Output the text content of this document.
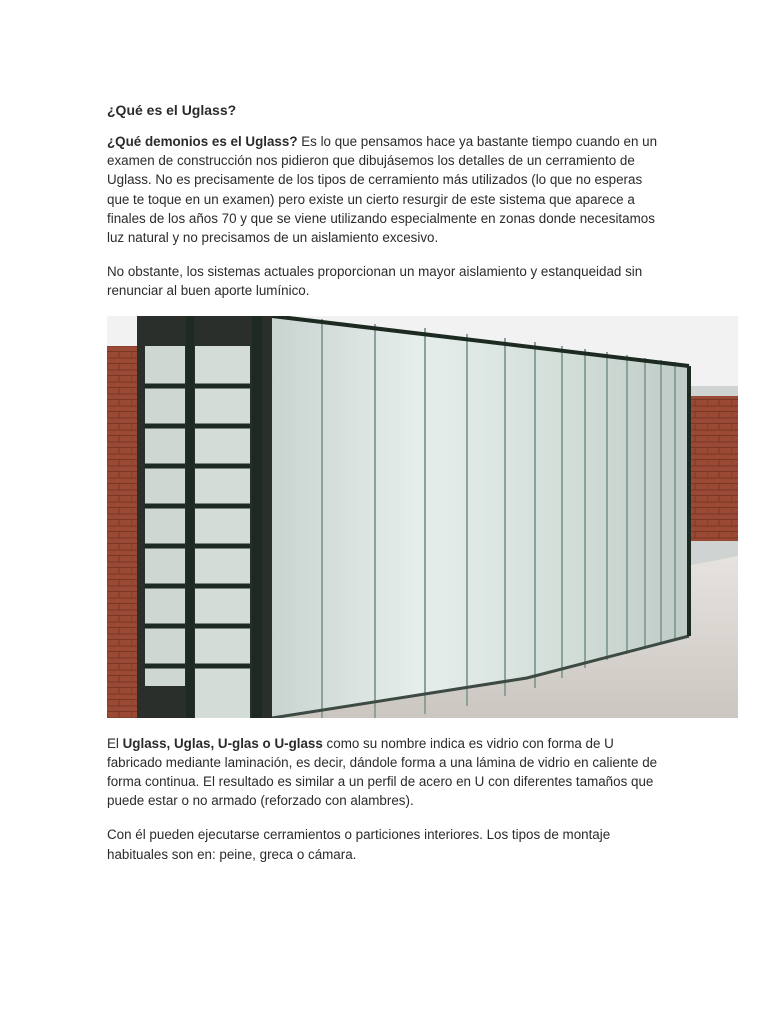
¿Qué es el Uglass?

¿Qué demonios es el Uglass? Es lo que pensamos hace ya bastante tiempo cuando en un examen de construcción nos pidieron que dibujásemos los detalles de un cerramiento de Uglass. No es precisamente de los tipos de cerramiento más utilizados (lo que no esperas que te toque en un examen) pero existe un cierto resurgir de este sistema que aparece a finales de los años 70 y que se viene utilizando especialmente en zonas donde necesitamos luz natural y no precisamos de un aislamiento excesivo.

No obstante, los sistemas actuales proporcionan un mayor aislamiento y estanqueidad sin renunciar al buen aporte lumínico.

El Uglass, Uglas, U-glas o U-glass como su nombre indica es vidrio con forma de U fabricado mediante laminación, es decir, dándole forma a una lámina de vidrio en caliente de forma continua. El resultado es similar a un perfil de acero en U con diferentes tamaños que puede estar o no armado (reforzado con alambres).

Con él pueden ejecutarse cerramientos o particiones interiores. Los tipos de montaje habituales son en: peine, greca o cámara.
